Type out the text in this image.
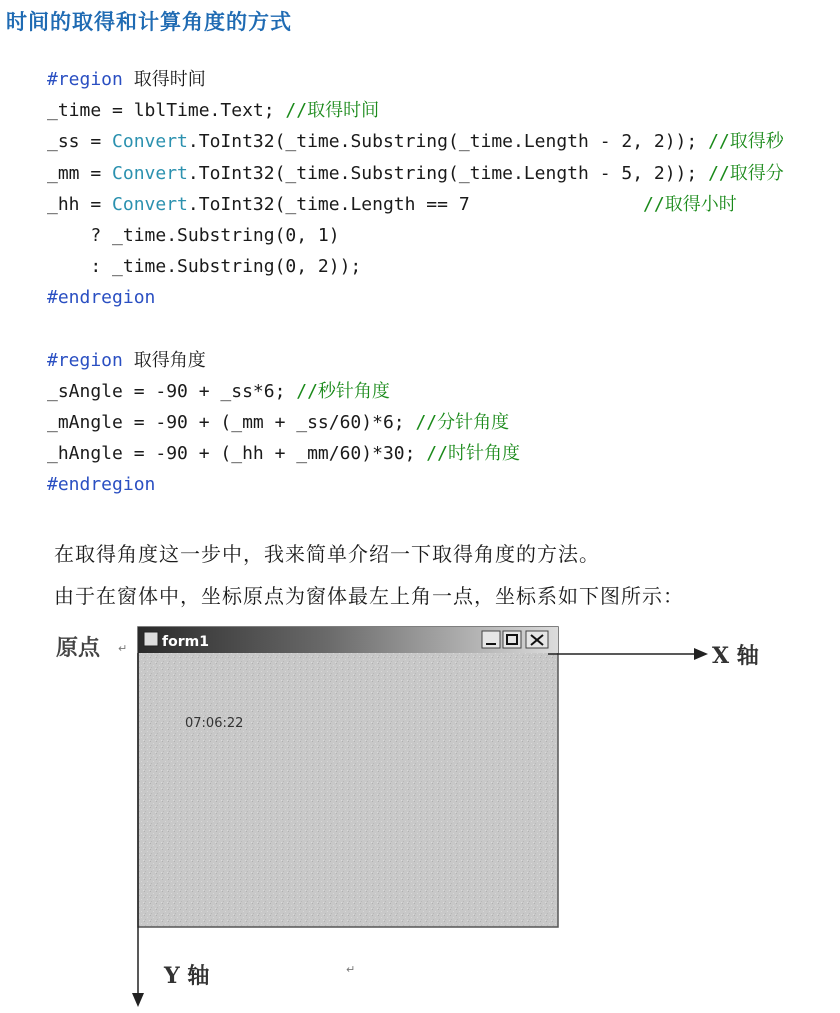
时间的取得和计算角度的方式
#region 取得时间
_time = lblTime.Text; //取得时间
_ss = Convert.ToInt32(_time.Substring(_time.Length - 2, 2)); //取得秒
_mm = Convert.ToInt32(_time.Substring(_time.Length - 5, 2)); //取得分
_hh = Convert.ToInt32(_time.Length == 7                //取得小时
? _time.Substring(0, 1)
: _time.Substring(0, 2));
#endregion
#region 取得角度
_sAngle = -90 + _ss*6; //秒针角度
_mAngle = -90 + (_mm + _ss/60)*6; //分针角度
_hAngle = -90 + (_hh + _mm/60)*30; //时针角度
#endregion
在取得角度这一步中，我来简单介绍一下取得角度的方法。
由于在窗体中，坐标原点为窗体最左上角一点，坐标系如下图所示：
原点 ↵ form1
07:06:22
X 轴
Y 轴	↵
